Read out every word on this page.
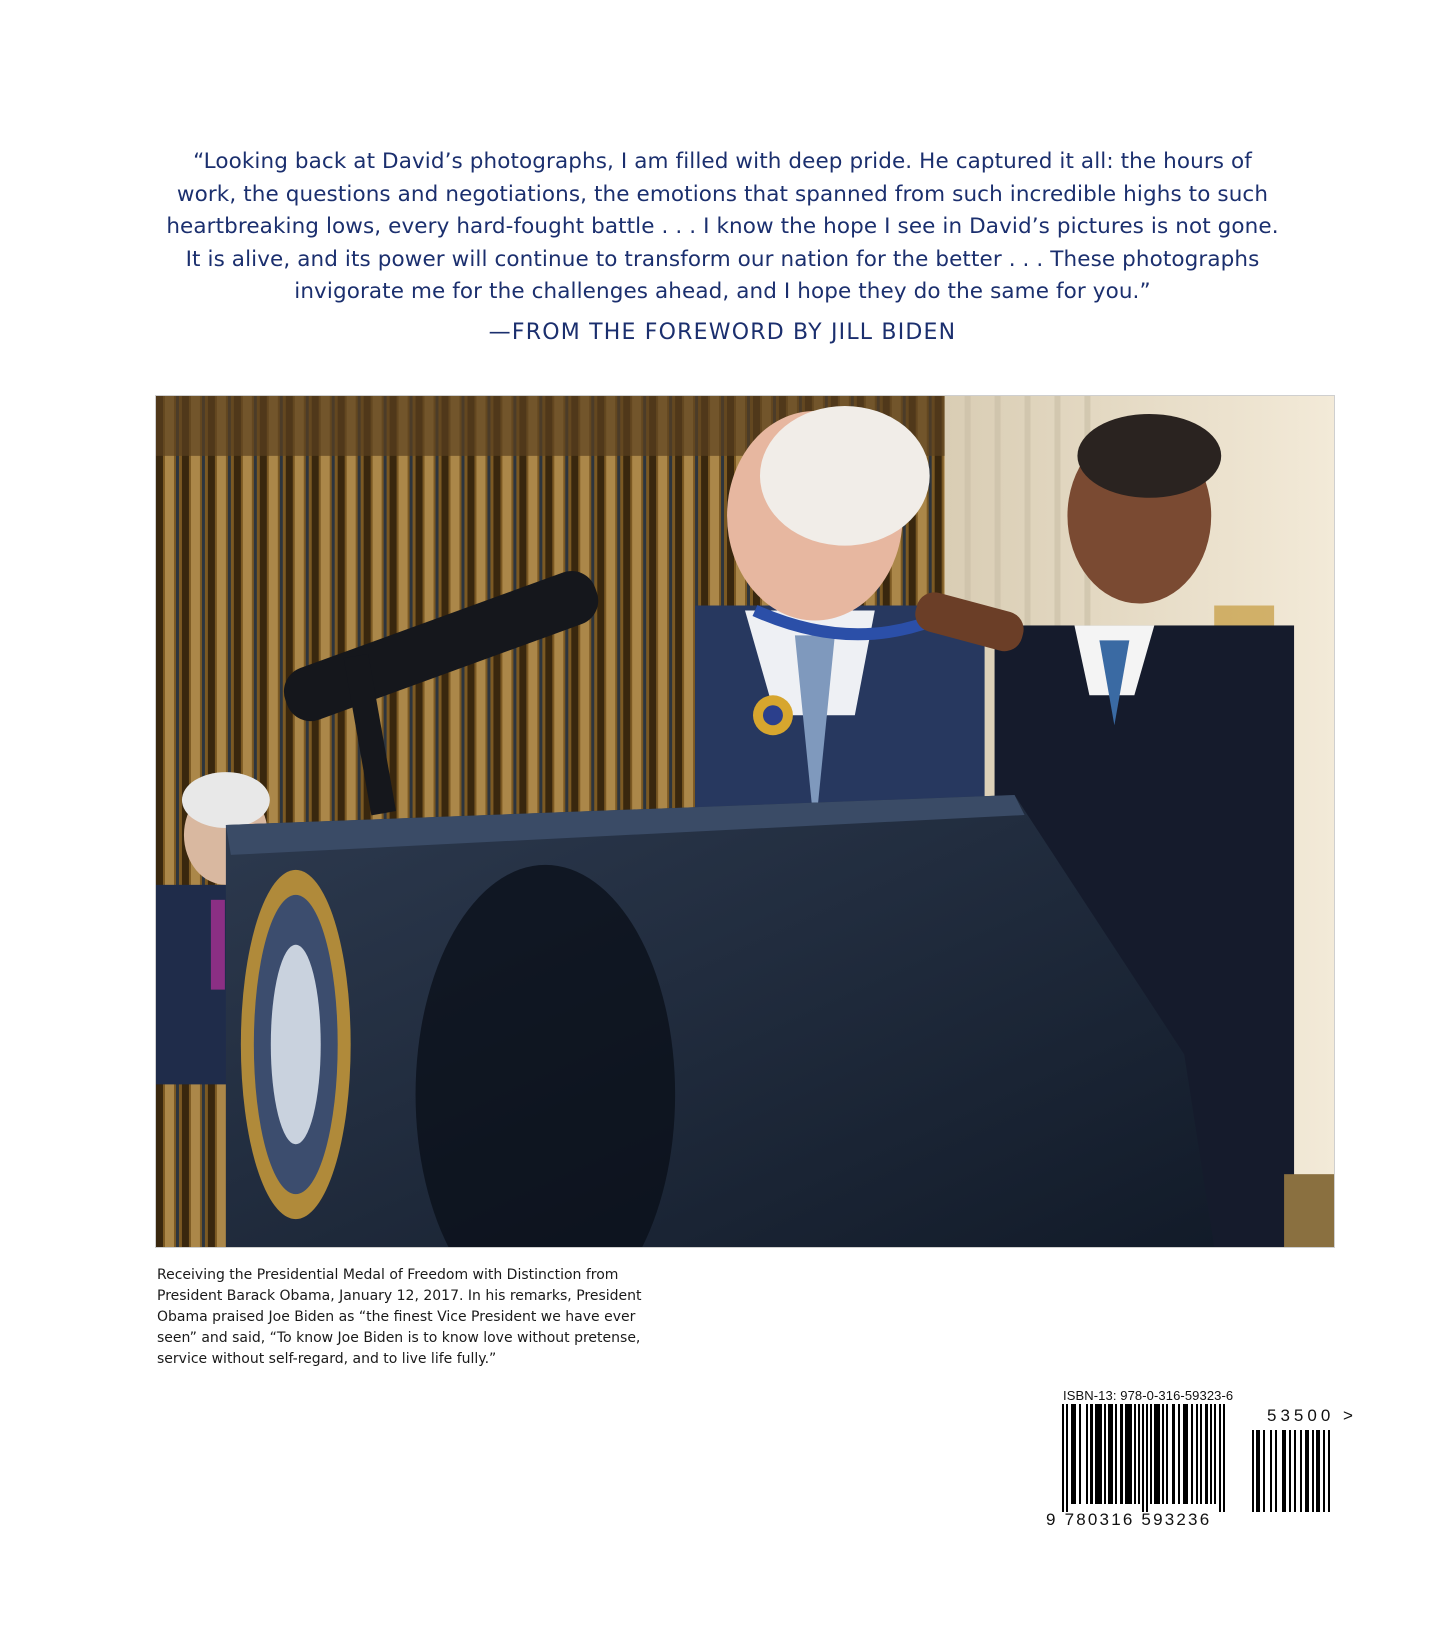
“Looking back at David’s photographs, I am filled with deep pride. He captured it all: the hours of
work, the questions and negotiations, the emotions that spanned from such incredible highs to such
heartbreaking lows, every hard-fought battle . . . I know the hope I see in David’s pictures is not gone.
It is alive, and its power will continue to transform our nation for the better . . . These photographs
invigorate me for the challenges ahead, and I hope they do the same for you.”
—FROM THE FOREWORD BY JILL BIDEN
Receiving the Presidential Medal of Freedom with Distinction from
President Barack Obama, January 12, 2017. In his remarks, President
Obama praised Joe Biden as “the finest Vice President we have ever
seen” and said, “To know Joe Biden is to know love without pretense,
service without self-regard, and to live life fully.”
ISBN-13: 978-0-316-59323-6
53500 >
9 780316 593236
